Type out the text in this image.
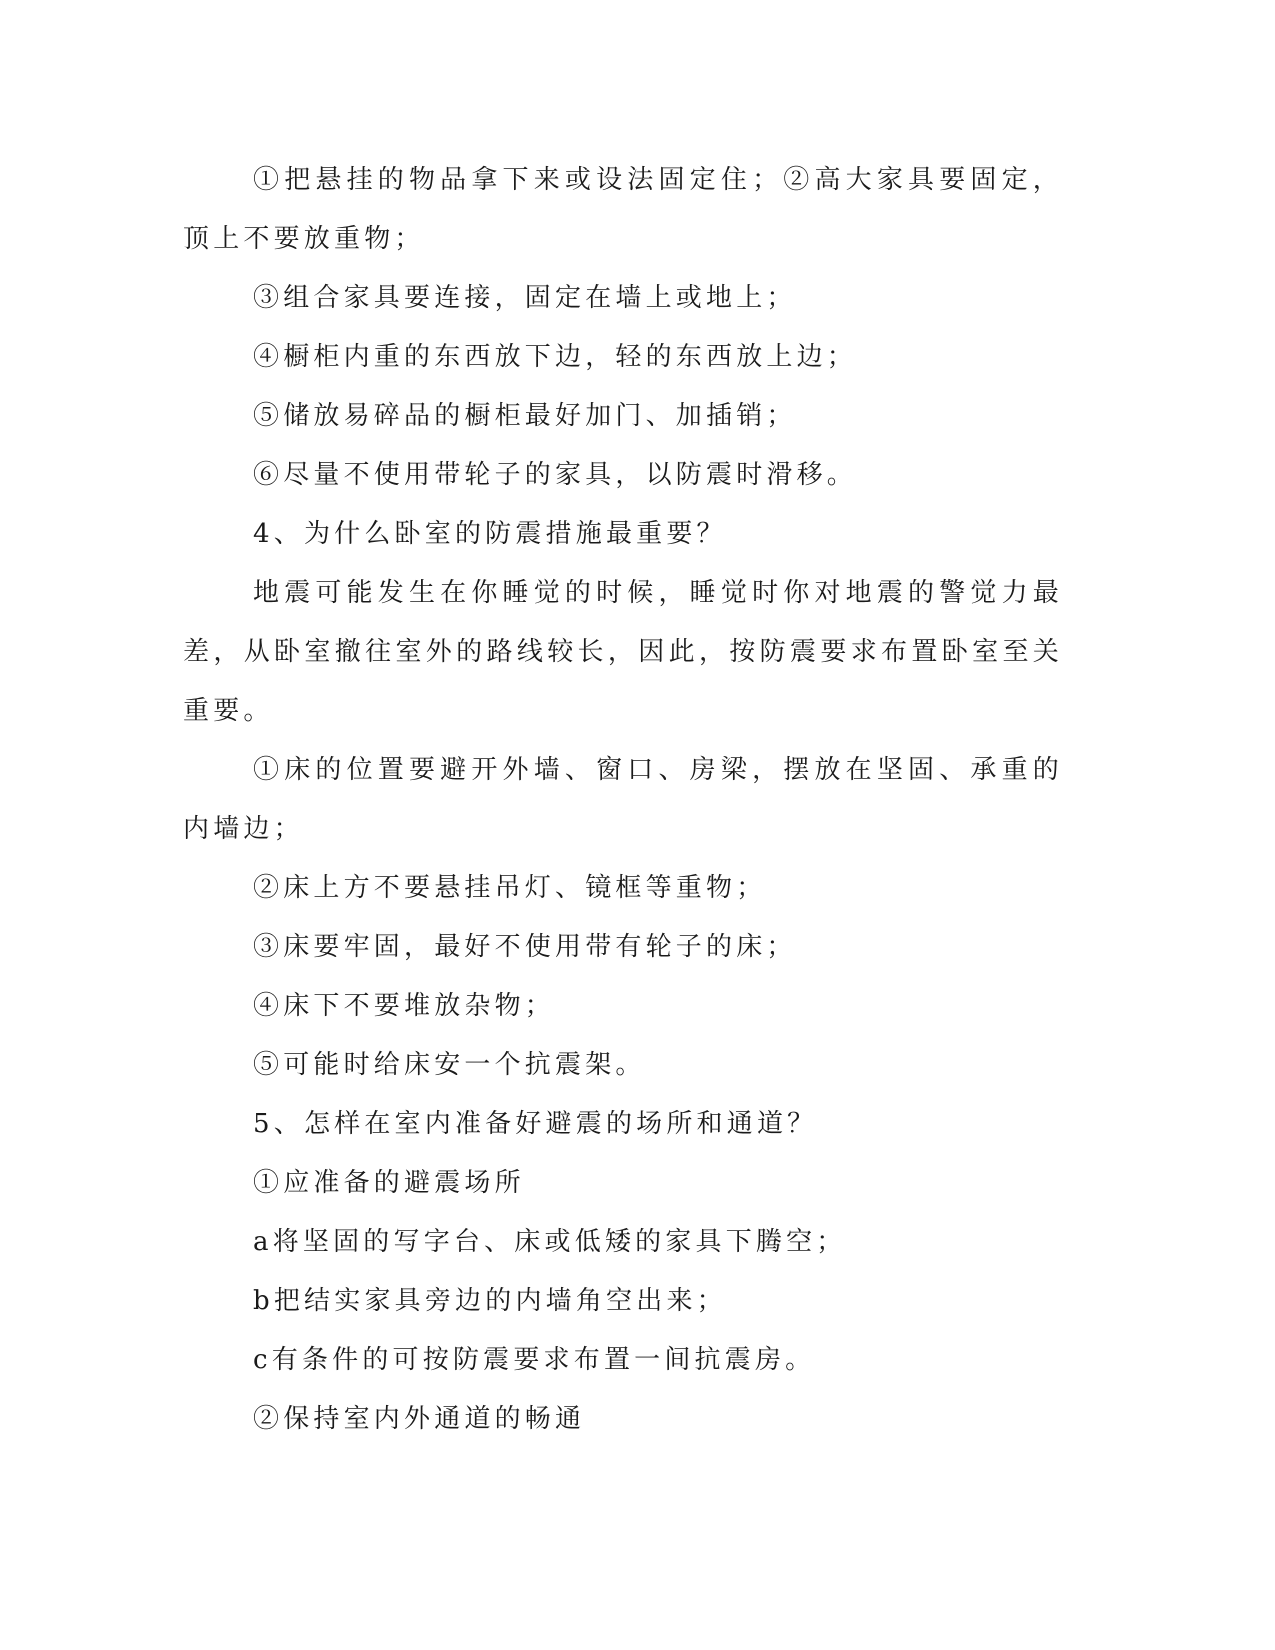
①把悬挂的物品拿下来或设法固定住；②高大家具要固定，顶上不要放重物；

③组合家具要连接，固定在墙上或地上；

④橱柜内重的东西放下边，轻的东西放上边；

⑤储放易碎品的橱柜最好加门、加插销；

⑥尽量不使用带轮子的家具，以防震时滑移。

4、为什么卧室的防震措施最重要？

地震可能发生在你睡觉的时候，睡觉时你对地震的警觉力最差，从卧室撤往室外的路线较长，因此，按防震要求布置卧室至关重要。

①床的位置要避开外墙、窗口、房梁，摆放在坚固、承重的内墙边；

②床上方不要悬挂吊灯、镜框等重物；

③床要牢固，最好不使用带有轮子的床；

④床下不要堆放杂物；

⑤可能时给床安一个抗震架。

5、怎样在室内准备好避震的场所和通道？

①应准备的避震场所

a将坚固的写字台、床或低矮的家具下腾空；

b把结实家具旁边的内墙角空出来；

c有条件的可按防震要求布置一间抗震房。

②保持室内外通道的畅通
